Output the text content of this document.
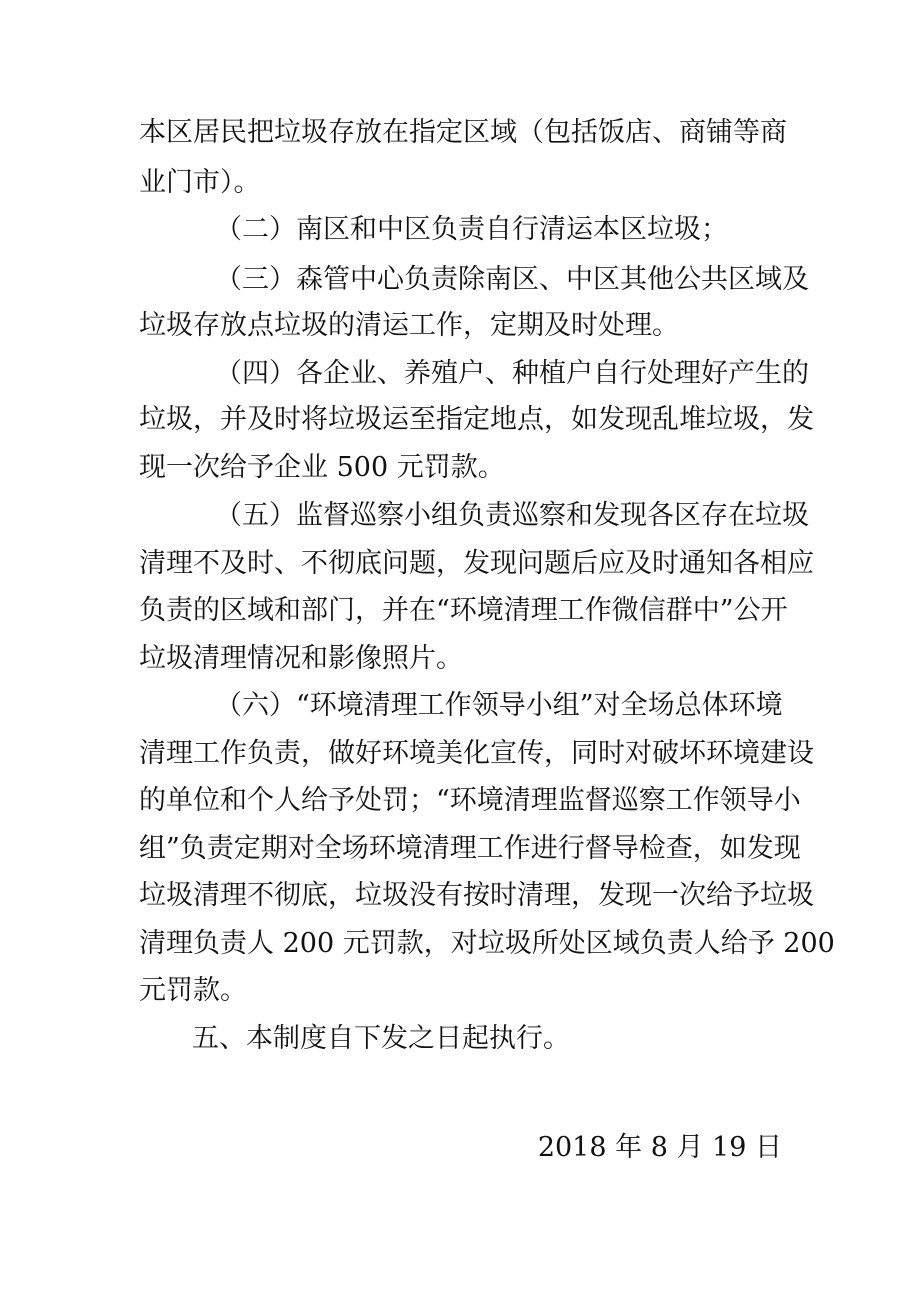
本区居民把垃圾存放在指定区域（包括饭店、商铺等商

业门市）。

（二）南区和中区负责自行清运本区垃圾；

（三）森管中心负责除南区、中区其他公共区域及

垃圾存放点垃圾的清运工作，定期及时处理。

（四）各企业、养殖户、种植户自行处理好产生的

垃圾，并及时将垃圾运至指定地点，如发现乱堆垃圾，发

现一次给予企业 500 元罚款。

（五）监督巡察小组负责巡察和发现各区存在垃圾

清理不及时、不彻底问题，发现问题后应及时通知各相应

负责的区域和部门，并在“环境清理工作微信群中”公开

垃圾清理情况和影像照片。

（六）“环境清理工作领导小组”对全场总体环境

清理工作负责，做好环境美化宣传，同时对破坏环境建设

的单位和个人给予处罚；“环境清理监督巡察工作领导小

组”负责定期对全场环境清理工作进行督导检查，如发现

垃圾清理不彻底，垃圾没有按时清理，发现一次给予垃圾

清理负责人 200 元罚款，对垃圾所处区域负责人给予 200

元罚款。

五、本制度自下发之日起执行。

2018 年 8 月 19 日
